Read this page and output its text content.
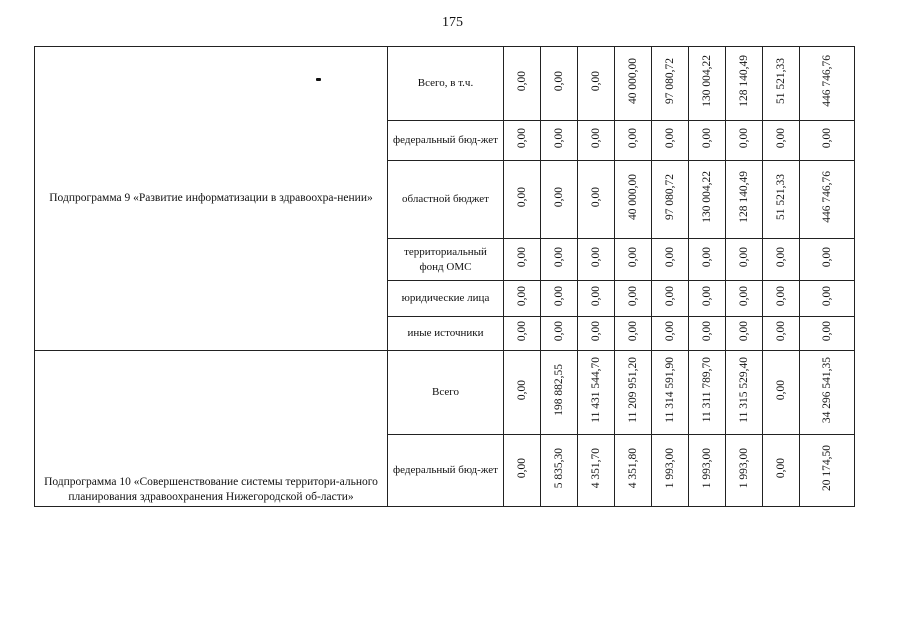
175
Подпрограмма 9 «Развитие информатизации в здравоохра-нении»	Всего, в т.ч.	0,00	0,00	0,00	40 000,00	97 080,72	130 004,22	128 140,49	51 521,33	446 746,76
	федеральный бюд-жет	0,00	0,00	0,00	0,00	0,00	0,00	0,00	0,00	0,00
	областной бюджет	0,00	0,00	0,00	40 000,00	97 080,72	130 004,22	128 140,49	51 521,33	446 746,76
	территориальный фонд ОМС	0,00	0,00	0,00	0,00	0,00	0,00	0,00	0,00	0,00
	юридические лица	0,00	0,00	0,00	0,00	0,00	0,00	0,00	0,00	0,00
	иные источники	0,00	0,00	0,00	0,00	0,00	0,00	0,00	0,00	0,00
Подпрограмма 10 «Совершенствование системы территори-ального планирования здравоохранения Нижегородской об-ласти»	Всего	0,00	198 882,55	11 431 544,70	11 209 951,20	11 314 591,90	11 311 789,70	11 315 529,40	0,00	34 296 541,35
	федеральный бюд-жет	0,00	5 835,30	4 351,70	4 351,80	1 993,00	1 993,00	1 993,00	0,00	20 174,50
